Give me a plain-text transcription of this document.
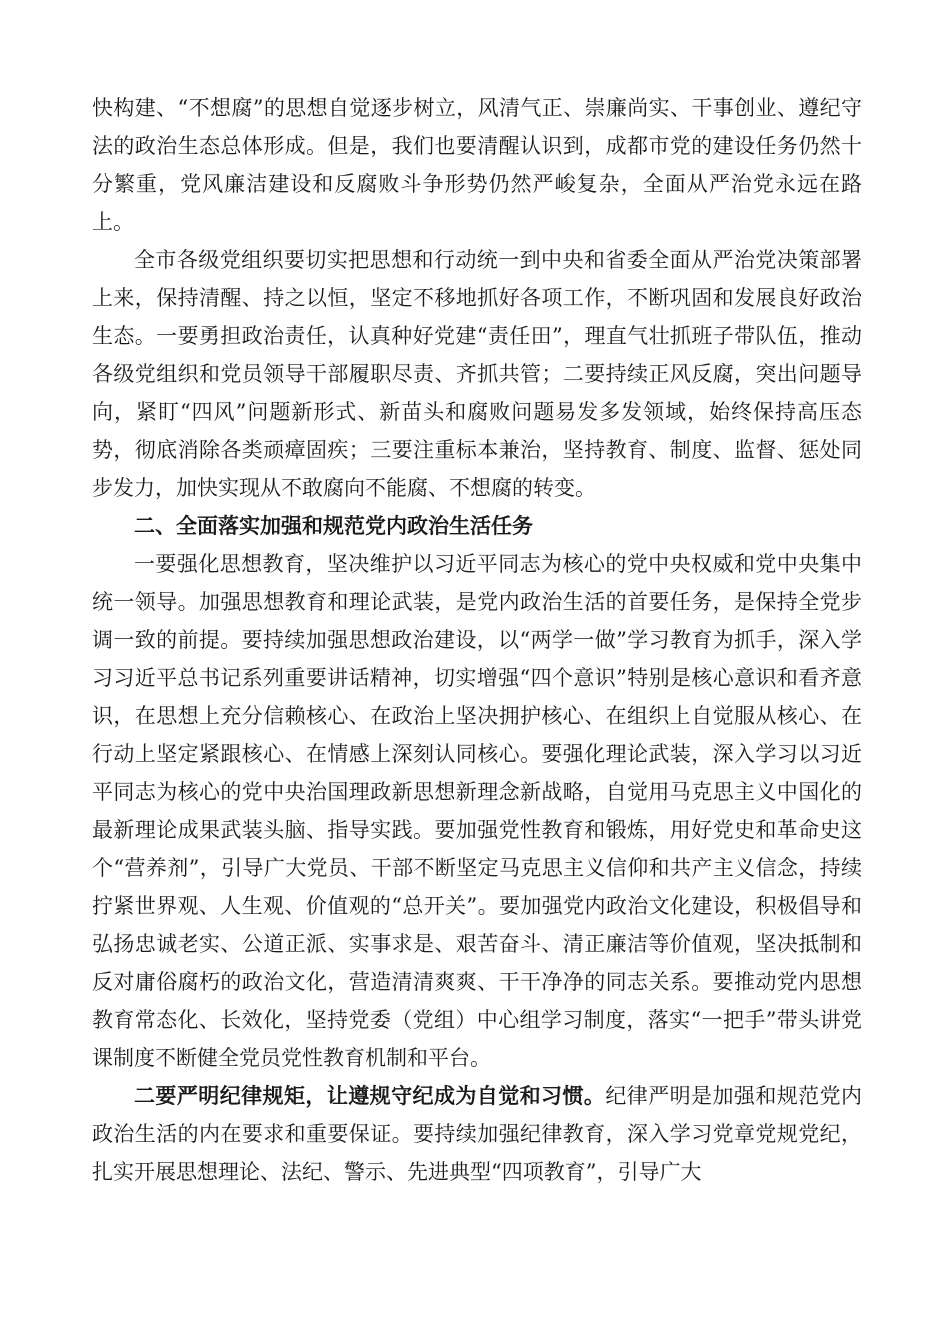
快构建、“不想腐”的思想自觉逐步树立，风清气正、崇廉尚实、干事创业、遵纪守法的政治生态总体形成。但是，我们也要清醒认识到，成都市党的建设任务仍然十分繁重，党风廉洁建设和反腐败斗争形势仍然严峻复杂，全面从严治党永远在路上。

全市各级党组织要切实把思想和行动统一到中央和省委全面从严治党决策部署上来，保持清醒、持之以恒，坚定不移地抓好各项工作，不断巩固和发展良好政治生态。一要勇担政治责任，认真种好党建“责任田”，理直气壮抓班子带队伍，推动各级党组织和党员领导干部履职尽责、齐抓共管；二要持续正风反腐，突出问题导向，紧盯“四风”问题新形式、新苗头和腐败问题易发多发领域，始终保持高压态势，彻底消除各类顽瘴固疾；三要注重标本兼治，坚持教育、制度、监督、惩处同步发力，加快实现从不敢腐向不能腐、不想腐的转变。

二、全面落实加强和规范党内政治生活任务

一要强化思想教育，坚决维护以习近平同志为核心的党中央权威和党中央集中统一领导。加强思想教育和理论武装，是党内政治生活的首要任务，是保持全党步调一致的前提。要持续加强思想政治建设，以“两学一做”学习教育为抓手，深入学习习近平总书记系列重要讲话精神，切实增强“四个意识”特别是核心意识和看齐意识，在思想上充分信赖核心、在政治上坚决拥护核心、在组织上自觉服从核心、在行动上坚定紧跟核心、在情感上深刻认同核心。要强化理论武装，深入学习以习近平同志为核心的党中央治国理政新思想新理念新战略，自觉用马克思主义中国化的最新理论成果武装头脑、指导实践。要加强党性教育和锻炼，用好党史和革命史这个“营养剂”，引导广大党员、干部不断坚定马克思主义信仰和共产主义信念，持续拧紧世界观、人生观、价值观的“总开关”。要加强党内政治文化建设，积极倡导和弘扬忠诚老实、公道正派、实事求是、艰苦奋斗、清正廉洁等价值观，坚决抵制和反对庸俗腐朽的政治文化，营造清清爽爽、干干净净的同志关系。要推动党内思想教育常态化、长效化，坚持党委（党组）中心组学习制度，落实“一把手”带头讲党课制度不断健全党员党性教育机制和平台。

二要严明纪律规矩，让遵规守纪成为自觉和习惯。纪律严明是加强和规范党内政治生活的内在要求和重要保证。要持续加强纪律教育，深入学习党章党规党纪，扎实开展思想理论、法纪、警示、先进典型“四项教育”，引导广大
